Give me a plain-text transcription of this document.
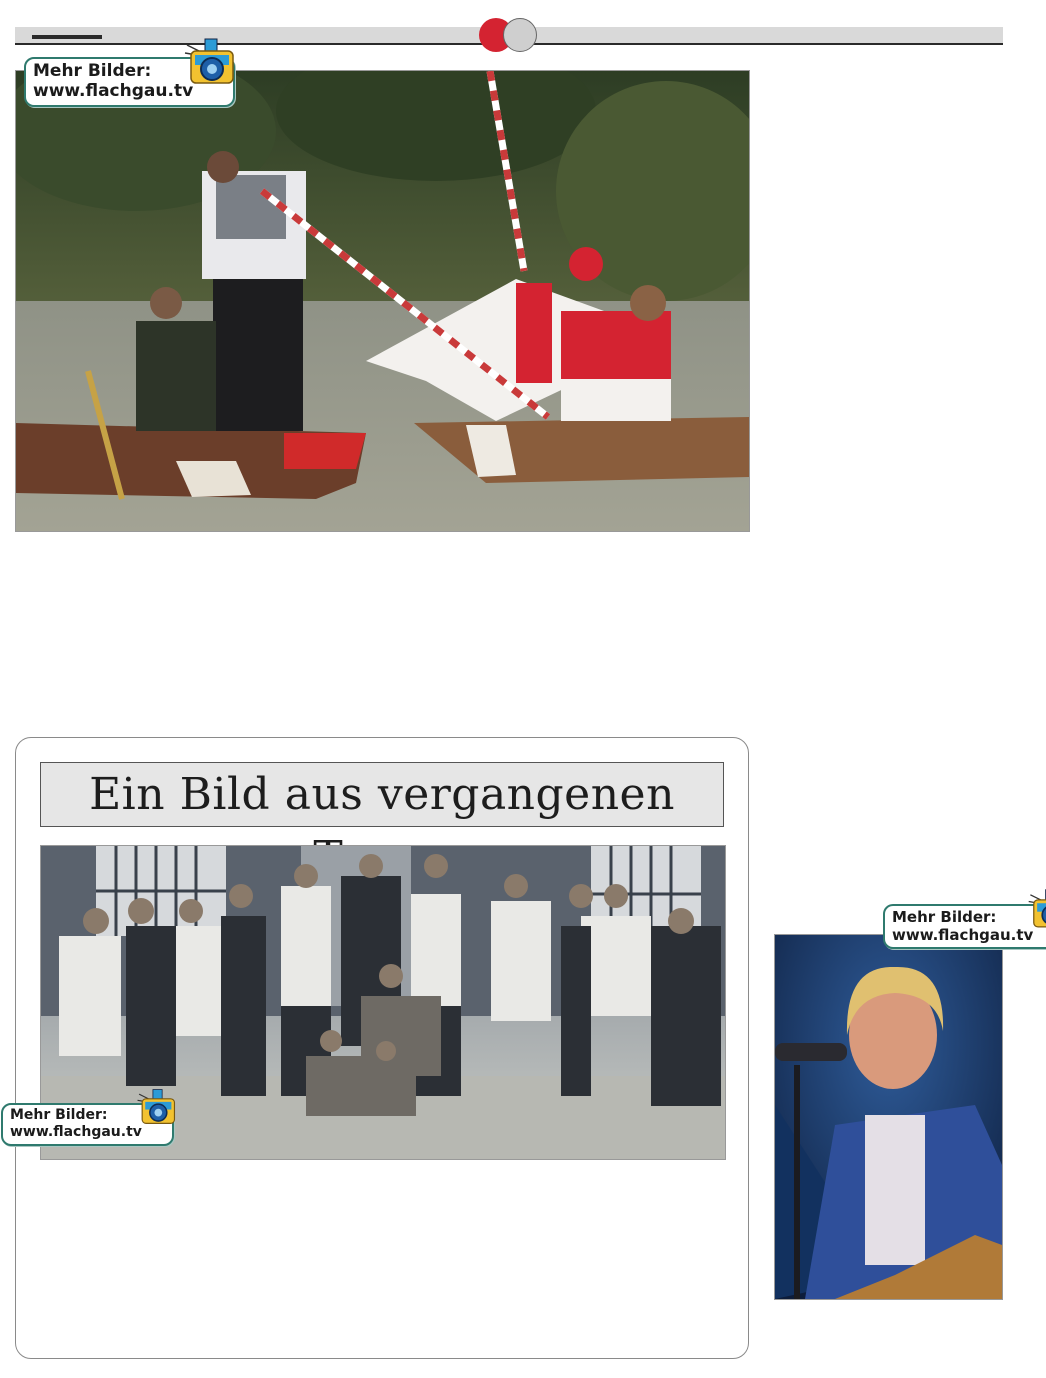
Mehr Bilder:
www.flachgau.tv
Ein Bild aus vergangenen
Mehr Bilder:
www.flachgau.tv
Mehr Bilder:
www.flachgau.tv
